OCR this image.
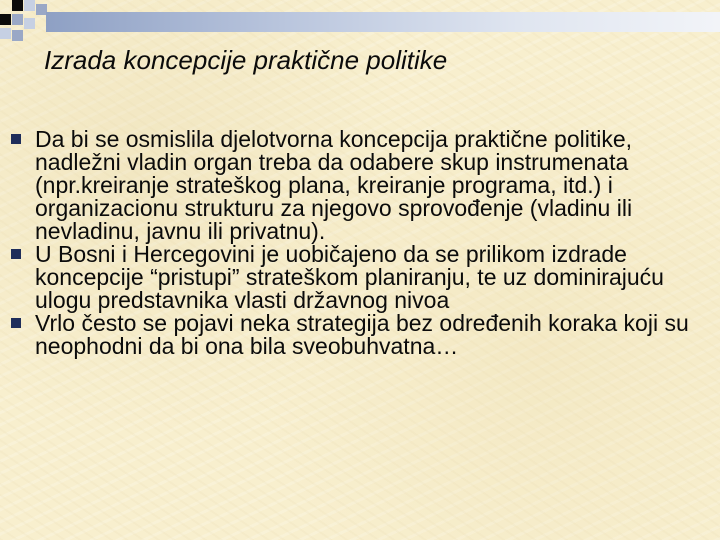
Izrada koncepcije praktične politike
Da bi se osmislila djelotvorna koncepcija praktične politike, nadležni vladin organ treba da odabere skup instrumenata (npr.kreiranje strateškog plana, kreiranje programa, itd.) i organizacionu strukturu za njegovo sprovođenje (vladinu ili nevladinu, javnu ili privatnu).
U Bosni i Hercegovini je uobičajeno da se prilikom izdrade koncepcije “pristupi” strateškom planiranju, te uz dominirajuću ulogu predstavnika vlasti državnog nivoa
Vrlo često se pojavi neka strategija bez određenih koraka koji su neophodni da bi ona bila sveobuhvatna…
